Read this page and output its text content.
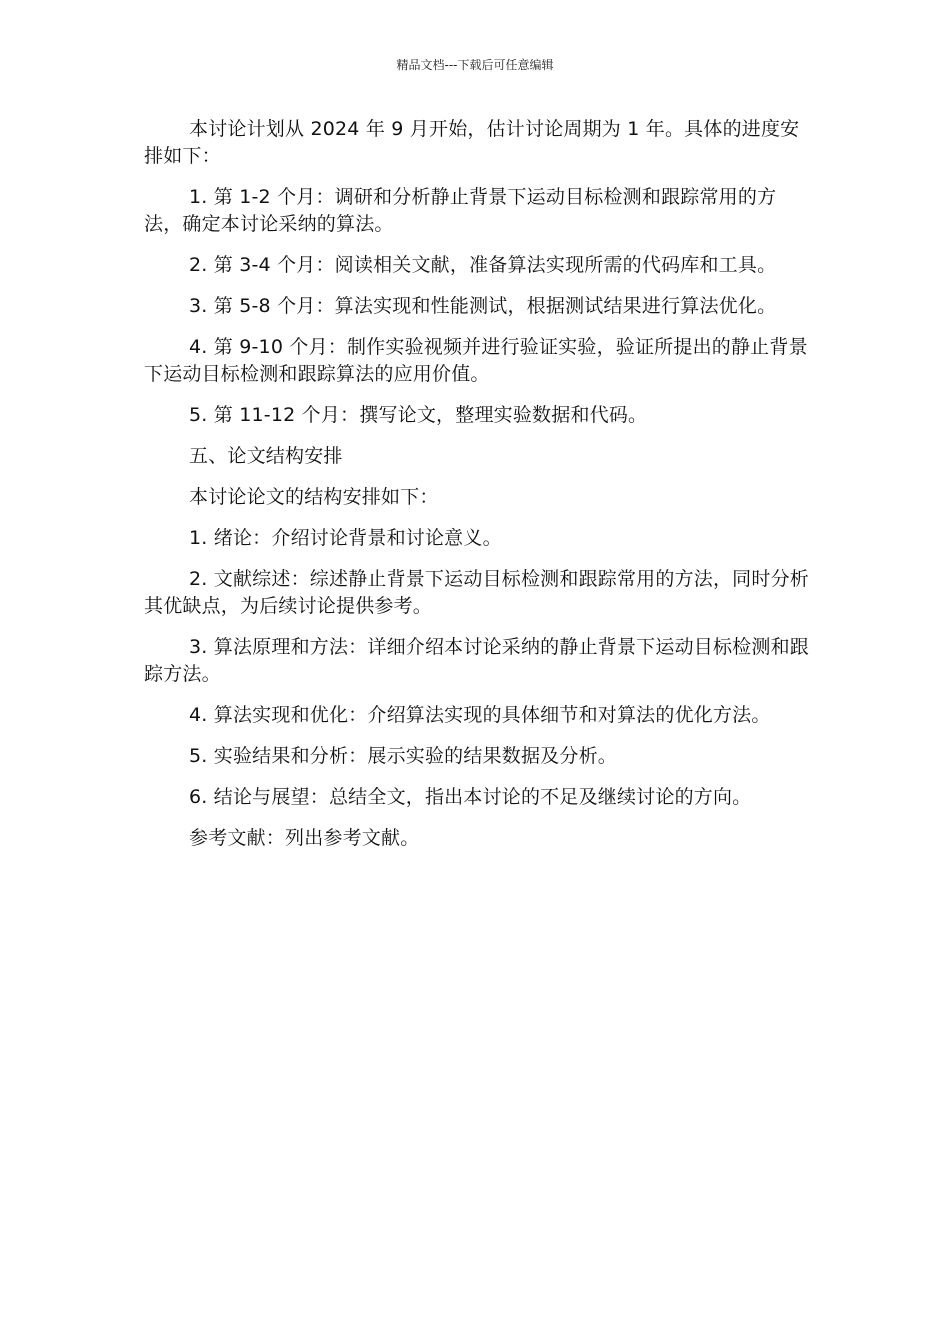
精品文档---下载后可任意编辑

本讨论计划从 2024 年 9 月开始，估计讨论周期为 1 年。具体的进度安排如下：

1. 第 1-2 个月：调研和分析静止背景下运动目标检测和跟踪常用的方法，确定本讨论采纳的算法。

2. 第 3-4 个月：阅读相关文献，准备算法实现所需的代码库和工具。

3. 第 5-8 个月：算法实现和性能测试，根据测试结果进行算法优化。

4. 第 9-10 个月：制作实验视频并进行验证实验，验证所提出的静止背景下运动目标检测和跟踪算法的应用价值。

5. 第 11-12 个月：撰写论文，整理实验数据和代码。

五、论文结构安排

本讨论论文的结构安排如下：

1. 绪论：介绍讨论背景和讨论意义。

2. 文献综述：综述静止背景下运动目标检测和跟踪常用的方法，同时分析其优缺点，为后续讨论提供参考。

3. 算法原理和方法：详细介绍本讨论采纳的静止背景下运动目标检测和跟踪方法。

4. 算法实现和优化：介绍算法实现的具体细节和对算法的优化方法。

5. 实验结果和分析：展示实验的结果数据及分析。

6. 结论与展望：总结全文，指出本讨论的不足及继续讨论的方向。

参考文献：列出参考文献。
